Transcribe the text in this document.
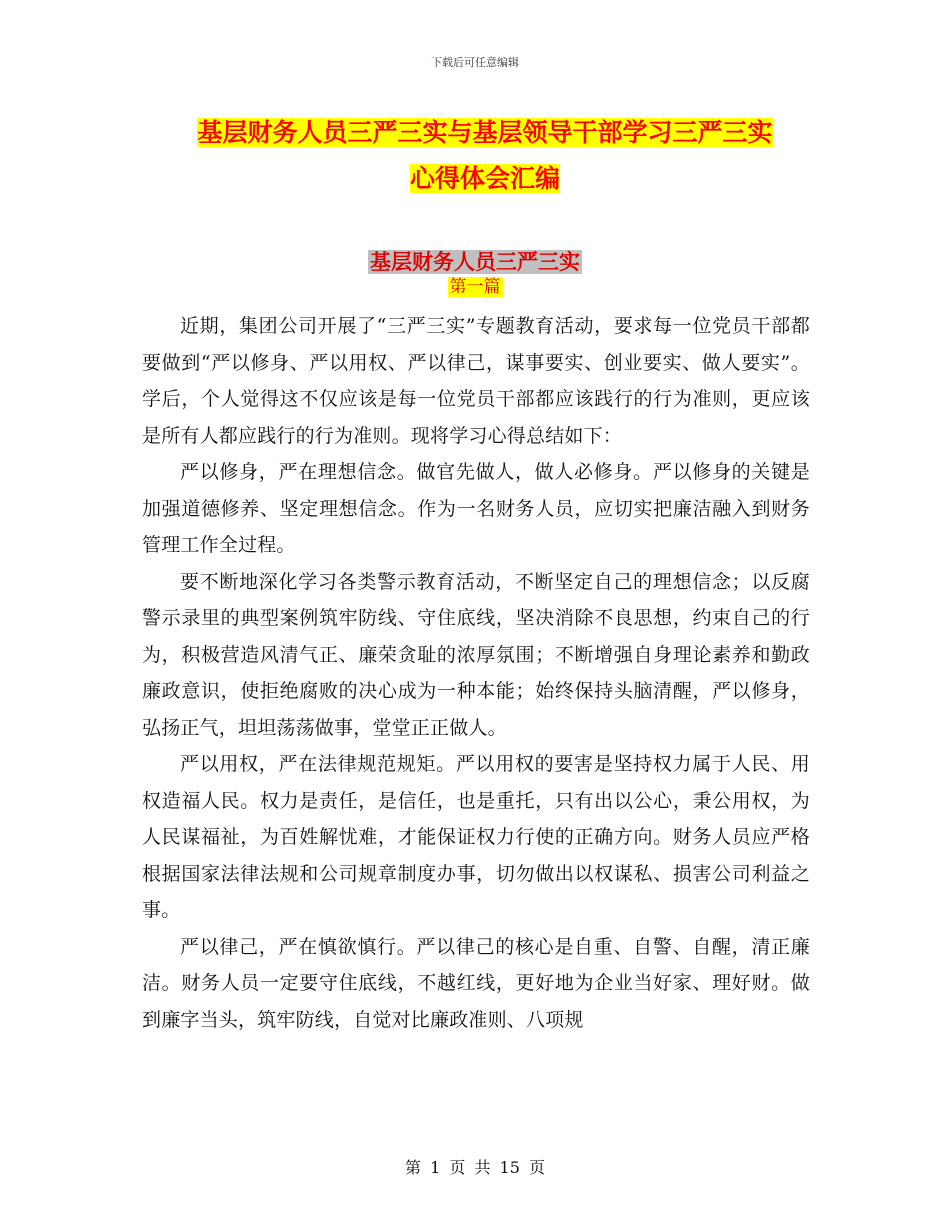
下载后可任意编辑
基层财务人员三严三实与基层领导干部学习三严三实
心得体会汇编
基层财务人员三严三实
第一篇

近期，集团公司开展了“三严三实”专题教育活动，要求每一位党员干部都要做到“严以修身、严以用权、严以律己，谋事要实、创业要实、做人要实”。学后，个人觉得这不仅应该是每一位党员干部都应该践行的行为准则，更应该是所有人都应践行的行为准则。现将学习心得总结如下：

严以修身，严在理想信念。做官先做人，做人必修身。严以修身的关键是加强道德修养、坚定理想信念。作为一名财务人员，应切实把廉洁融入到财务管理工作全过程。

要不断地深化学习各类警示教育活动，不断坚定自己的理想信念；以反腐警示录里的典型案例筑牢防线、守住底线，坚决消除不良思想，约束自己的行为，积极营造风清气正、廉荣贪耻的浓厚氛围；不断增强自身理论素养和勤政廉政意识，使拒绝腐败的决心成为一种本能；始终保持头脑清醒，严以修身，弘扬正气，坦坦荡荡做事，堂堂正正做人。

严以用权，严在法律规范规矩。严以用权的要害是坚持权力属于人民、用权造福人民。权力是责任，是信任，也是重托，只有出以公心，秉公用权，为人民谋福祉，为百姓解忧难，才能保证权力行使的正确方向。财务人员应严格根据国家法律法规和公司规章制度办事，切勿做出以权谋私、损害公司利益之事。

严以律己，严在慎欲慎行。严以律己的核心是自重、自警、自醒，清正廉洁。财务人员一定要守住底线，不越红线，更好地为企业当好家、理好财。做到廉字当头，筑牢防线，自觉对比廉政准则、八项规

第 1 页 共 15 页
